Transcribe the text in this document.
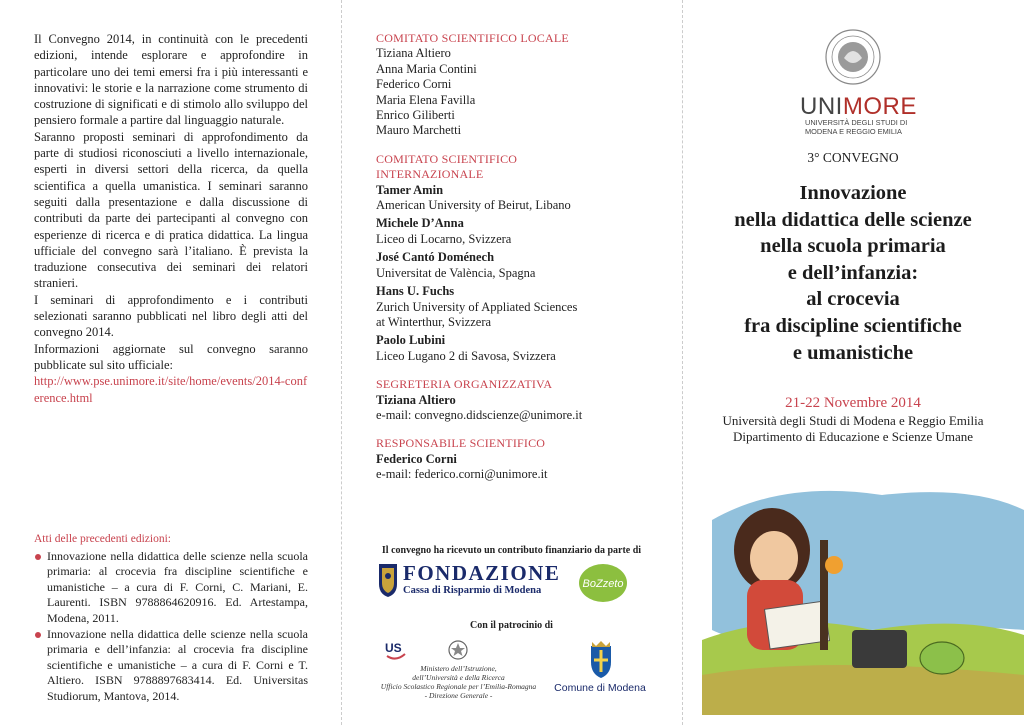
Il Convegno 2014, in continuità con le precedenti edizioni, intende esplorare e approfondire in particolare uno dei temi emersi fra i più interessanti e innovativi: le storie e la narrazione come strumento di costruzione di significati e di stimolo allo sviluppo del pensiero formale a partire dal linguaggio naturale.

Saranno proposti seminari di approfondimento da parte di studiosi riconosciuti a livello internazionale, esperti in diversi settori della ricerca, da quella scientifica a quella umanistica. I seminari saranno seguiti dalla presentazione e dalla discussione di contributi da parte dei partecipanti al convegno con esperienze di ricerca e di pratica didattica. La lingua ufficiale del convegno sarà l’italiano. È prevista la traduzione consecutiva dei seminari dei relatori stranieri.

I seminari di approfondimento e i contributi selezionati saranno pubblicati nel libro degli atti del convegno 2014.

Informazioni aggiornate sul convegno saranno pubblicate sul sito ufficiale:

http://www.pse.unimore.it/site/home/events/2014-conference.html

Atti delle precedenti edizioni:
Innovazione nella didattica delle scienze nella scuola primaria: al crocevia fra discipline scientifiche e umanistiche – a cura di F. Corni, C. Mariani, E. Laurenti. ISBN 9788864620916. Ed. Artestampa, Modena, 2011.
Innovazione nella didattica delle scienze nella scuola primaria e dell’infanzia: al crocevia fra discipline scientifiche e umanistiche – a cura di F. Corni e T. Altiero. ISBN 9788897683414. Ed. Universitas Studiorum, Mantova, 2014.
COMITATO SCIENTIFICO LOCALE
Tiziana Altiero
Anna Maria Contini
Federico Corni
Maria Elena Favilla
Enrico Giliberti
Mauro Marchetti
COMITATO SCIENTIFICO
INTERNAZIONALE
Tamer Amin
American University of Beirut, Libano
Michele D’Anna
Liceo di Locarno, Svizzera
José Cantó Doménech
Universitat de València, Spagna
Hans U. Fuchs
Zurich University of Appliated Sciences
at Winterthur, Svizzera
Paolo Lubini
Liceo Lugano 2 di Savosa, Svizzera
SEGRETERIA ORGANIZZATIVA
Tiziana Altiero
e-mail: convegno.didscienze@unimore.it
RESPONSABILE SCIENTIFICO
Federico Corni
e-mail: federico.corni@unimore.it
Il convegno ha ricevuto un contributo finanziario da parte di
FONDAZIONE
Cassa di Risparmio di Modena
BoZzeto
Con il patrocinio di
US
Ministero dell’Istruzione,
dell’Università e della Ricerca
Ufficio Scolastico Regionale per l’Emilia-Romagna
- Direzione Generale -
Comune di Modena
UNIMORE
UNIVERSITÀ DEGLI STUDI DI
MODENA E REGGIO EMILIA
3° CONVEGNO
Innovazione
nella didattica delle scienze
nella scuola primaria
e dell’infanzia:
al crocevia
fra discipline scientifiche
e umanistiche
21-22 Novembre 2014
Università degli Studi di Modena e Reggio Emilia
Dipartimento di Educazione e Scienze Umane
